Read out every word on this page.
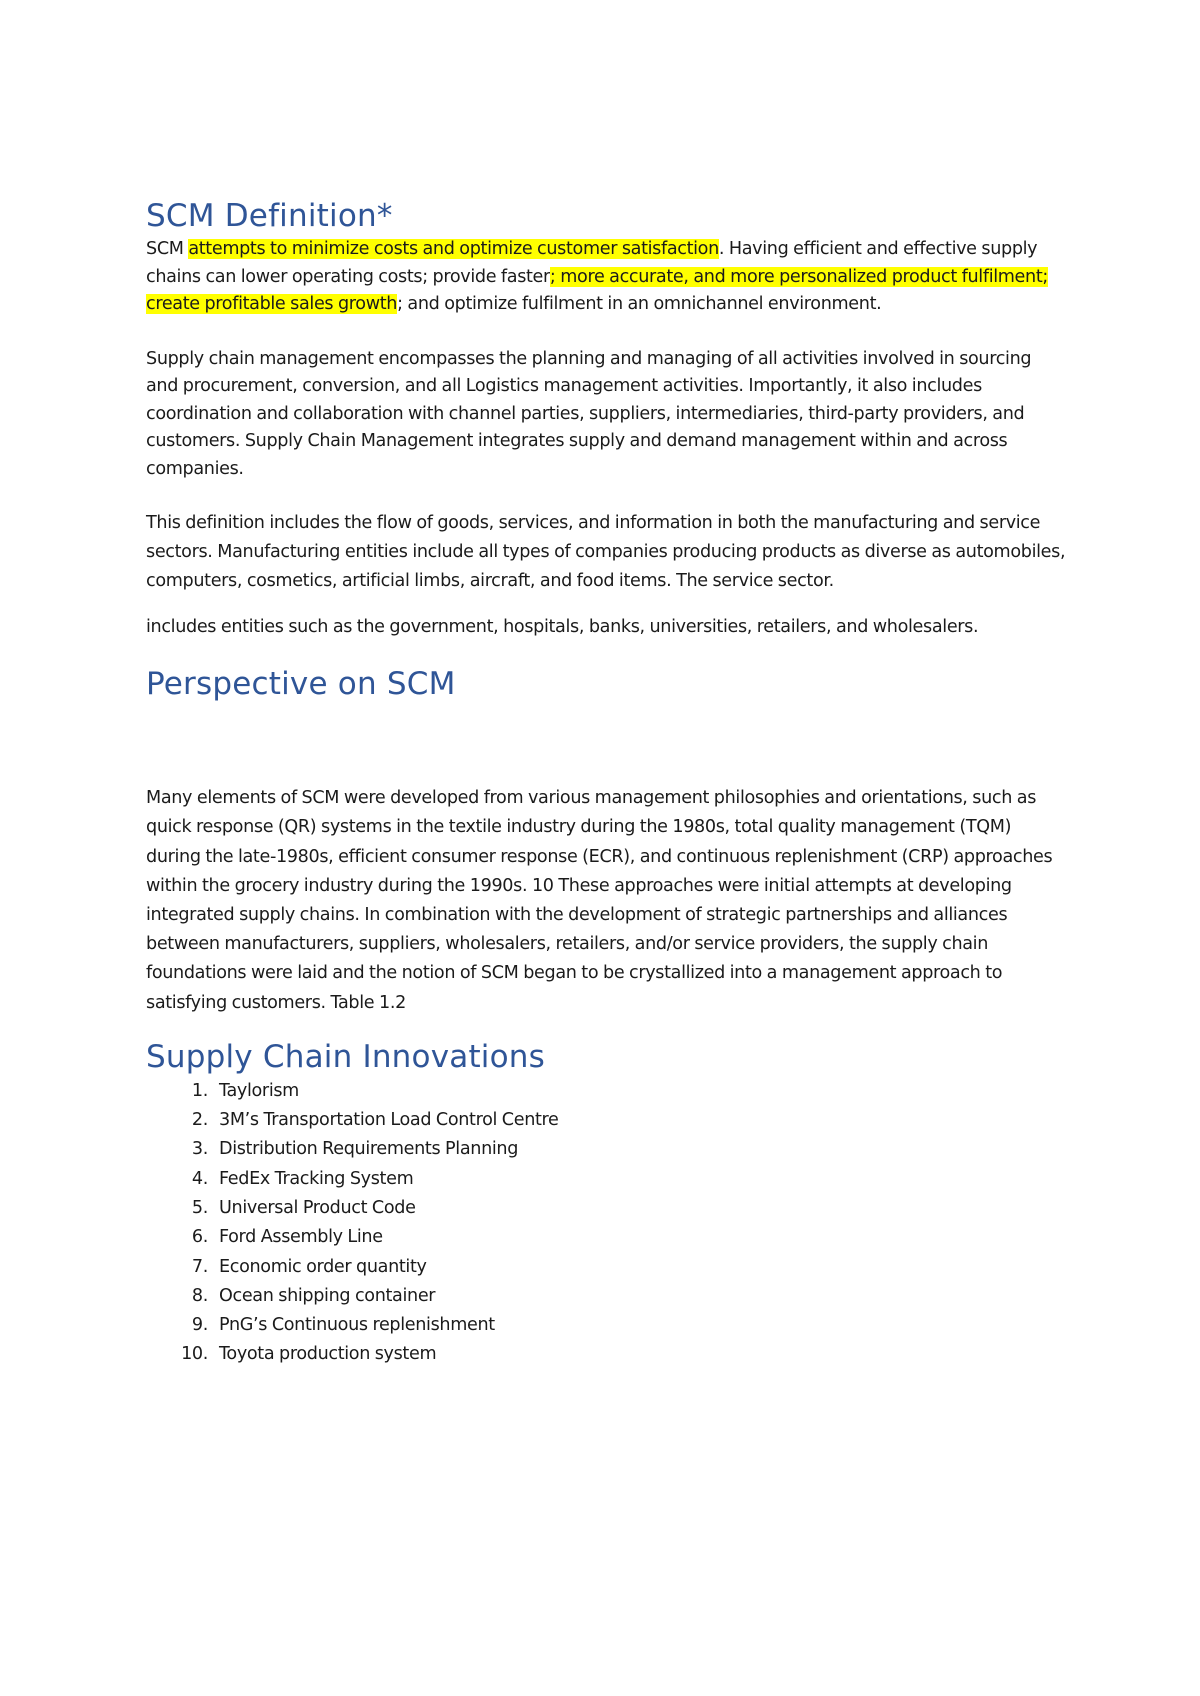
SCM Definition*

SCM attempts to minimize costs and optimize customer satisfaction. Having efficient and effective supply chains can lower operating costs; provide faster; more accurate, and more personalized product fulfilment; create profitable sales growth; and optimize fulfilment in an omnichannel environment.

Supply chain management encompasses the planning and managing of all activities involved in sourcing and procurement, conversion, and all Logistics management activities. Importantly, it also includes coordination and collaboration with channel parties, suppliers, intermediaries, third-party providers, and customers. Supply Chain Management integrates supply and demand management within and across companies.

This definition includes the flow of goods, services, and information in both the manufacturing and service sectors. Manufacturing entities include all types of companies producing products as diverse as automobiles, computers, cosmetics, artificial limbs, aircraft, and food items. The service sector.

includes entities such as the government, hospitals, banks, universities, retailers, and wholesalers.

Perspective on SCM

Many elements of SCM were developed from various management philosophies and orientations, such as quick response (QR) systems in the textile industry during the 1980s, total quality management (TQM) during the late-1980s, efficient consumer response (ECR), and continuous replenishment (CRP) approaches within the grocery industry during the 1990s. 10 These approaches were initial attempts at developing integrated supply chains. In combination with the development of strategic partnerships and alliances between manufacturers, suppliers, wholesalers, retailers, and/or service providers, the supply chain foundations were laid and the notion of SCM began to be crystallized into a management approach to satisfying customers. Table 1.2

Supply Chain Innovations
1. Taylorism
2. 3M’s Transportation Load Control Centre
3. Distribution Requirements Planning
4. FedEx Tracking System
5. Universal Product Code
6. Ford Assembly Line
7. Economic order quantity
8. Ocean shipping container
9. PnG’s Continuous replenishment
10. Toyota production system
